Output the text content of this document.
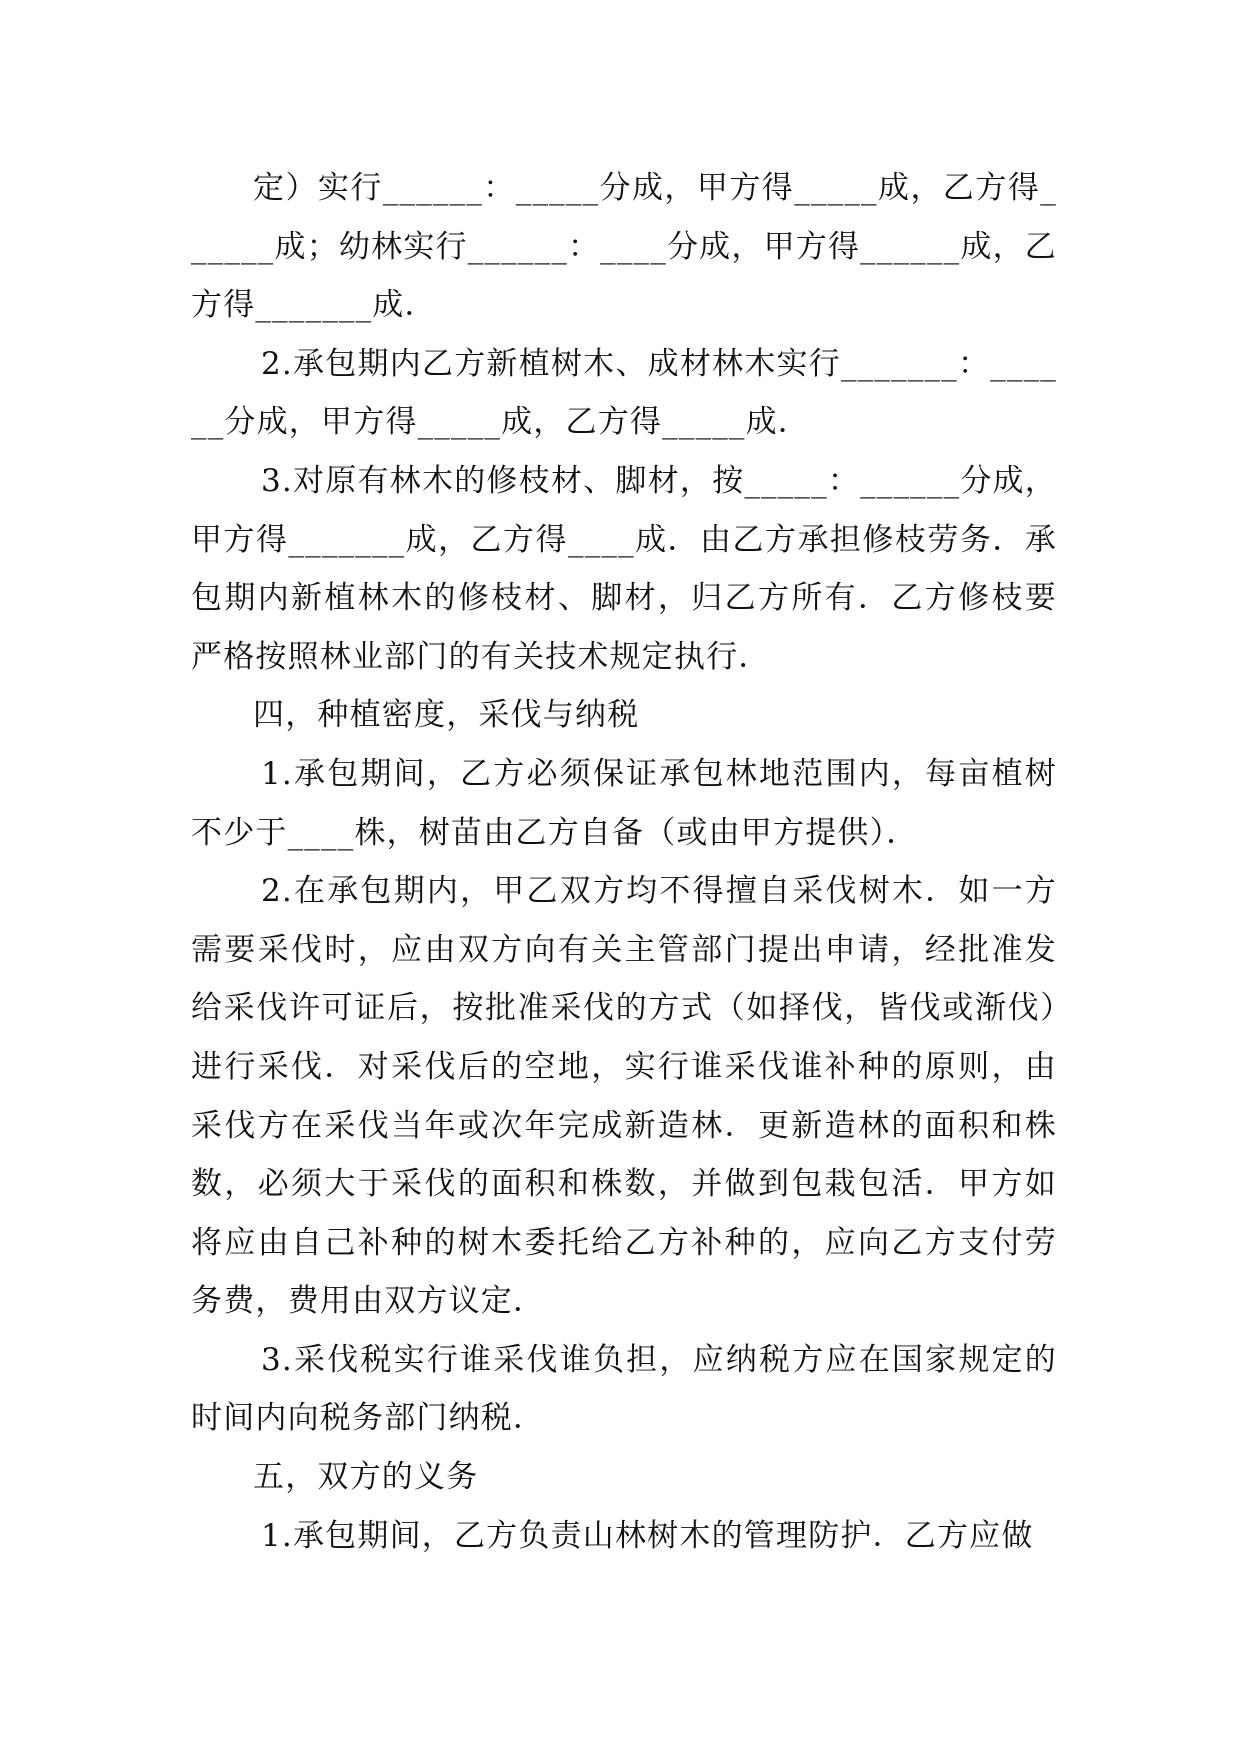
定）实行______：_____分成，甲方得_____成，乙方得______成；幼林实行______：____分成，甲方得______成，乙方得_______成．

2.承包期内乙方新植树木、成材林木实行_______：______分成，甲方得_____成，乙方得_____成．

3.对原有林木的修枝材、脚材，按_____：______分成，甲方得_______成，乙方得____成．由乙方承担修枝劳务．承包期内新植林木的修枝材、脚材，归乙方所有．乙方修枝要严格按照林业部门的有关技术规定执行．

四，种植密度，采伐与纳税

1.承包期间，乙方必须保证承包林地范围内，每亩植树不少于____株，树苗由乙方自备（或由甲方提供）．

2.在承包期内，甲乙双方均不得擅自采伐树木．如一方需要采伐时，应由双方向有关主管部门提出申请，经批准发给采伐许可证后，按批准采伐的方式（如择伐，皆伐或渐伐）进行采伐．对采伐后的空地，实行谁采伐谁补种的原则，由采伐方在采伐当年或次年完成新造林．更新造林的面积和株数，必须大于采伐的面积和株数，并做到包栽包活．甲方如将应由自己补种的树木委托给乙方补种的，应向乙方支付劳务费，费用由双方议定．

3.采伐税实行谁采伐谁负担，应纳税方应在国家规定的时间内向税务部门纳税．

五，双方的义务

1.承包期间，乙方负责山林树木的管理防护．乙方应做
